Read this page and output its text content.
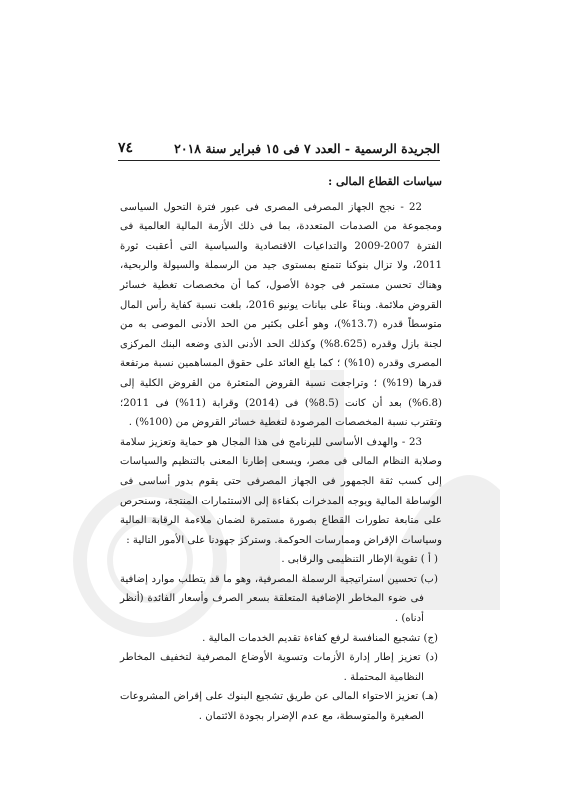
الجريدة الرسمية - العدد ٧ فى ١٥ فبراير سنة ٢٠١٨
٧٤
سياسات القطاع المالى :

22 - نجح الجهاز المصرفى المصرى فى عبور فترة التحول السياسى ومجموعة من الصدمات المتعددة، بما فى ذلك الأزمة المالية العالمية فى الفترة 2007-2009 والتداعيات الاقتصادية والسياسية التى أعقبت ثورة 2011، ولا تزال بنوكنا تتمتع بمستوى جيد من الرسملة والسيولة والربحية، وهناك تحسن مستمر فى جودة الأصول، كما أن مخصصات تغطية خسائر القروض ملائمة. وبناءً على بيانات يونيو 2016، بلغت نسبة كفاية رأس المال متوسطاً قدره (13.7%)، وهو أعلى بكثير من الحد الأدنى الموصى به من لجنة بازل وقدره (8.625%) وكذلك الحد الأدنى الذى وضعه البنك المركزى المصرى وقدره (10%) ؛ كما بلغ العائد على حقوق المساهمين نسبة مرتفعة قدرها (19%) ؛ وتراجعت نسبة القروض المتعثرة من القروض الكلية إلى (6.8%) بعد أن كانت (8.5%) فى (2014) وقرابة (11%) فى 2011؛ وتقترب نسبة المخصصات المرصودة لتغطية خسائر القروض من (100%) .

23 - والهدف الأساسى للبرنامج فى هذا المجال هو حماية وتعزيز سلامة وصلابة النظام المالى فى مصر، ويسعى إطارنا المعنى بالتنظيم والسياسات إلى كسب ثقة الجمهور فى الجهاز المصرفى حتى يقوم بدور أساسى فى الوساطة المالية ويوجه المدخرات بكفاءة إلى الاستثمارات المنتجة، وسنحرص على متابعة تطورات القطاع بصورة مستمرة لضمان ملاءمة الرقابة المالية وسياسات الإقراض وممارسات الحوكمة. وستركز جهودنا على الأمور التالية :

( أ ) تقوية الإطار التنظيمى والرقابى .

(ب) تحسين استراتيجية الرسملة المصرفية، وهو ما قد يتطلب موارد إضافية فى ضوء المخاطر الإضافية المتعلقة بسعر الصرف وأسعار الفائدة (أنظر أدناه) .

(ج) تشجيع المنافسة لرفع كفاءة تقديم الخدمات المالية .

(د) تعزيز إطار إدارة الأزمات وتسوية الأوضاع المصرفية لتخفيف المخاطر النظامية المحتملة .

(هـ) تعزيز الاحتواء المالى عن طريق تشجيع البنوك على إقراض المشروعات الصغيرة والمتوسطة، مع عدم الإضرار بجودة الائتمان .
